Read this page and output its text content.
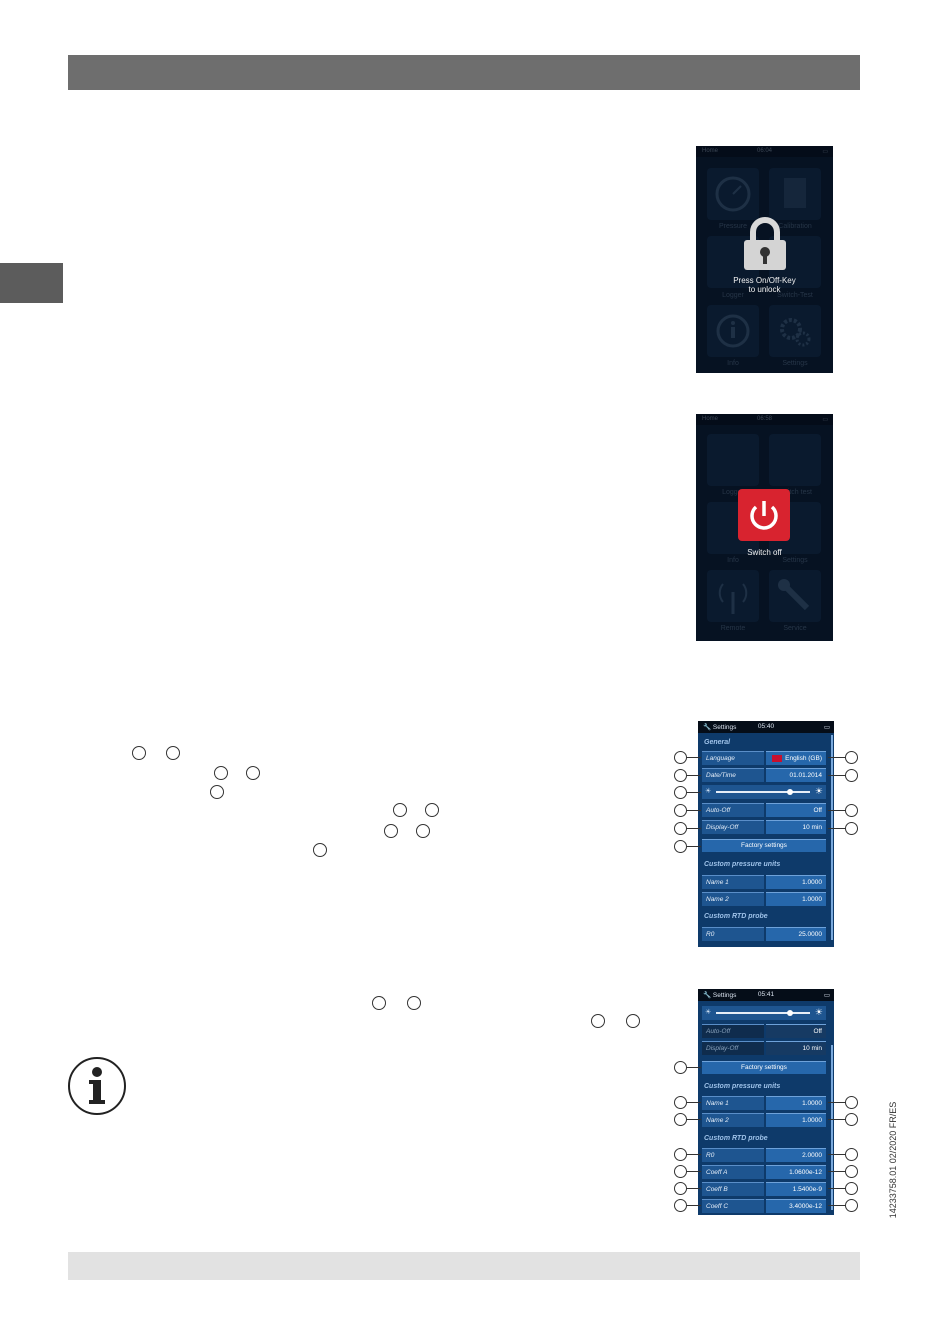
14233758.01 02/2020 FR/ES
Press On/Off-Key
to unlock
Switch off
🔧 Settings	05:40	▭
General
Language	English (GB)
Date/Time	01.01.2014
☀	☀
Auto-Off	Off
Display-Off	10 min
Factory settings
Custom pressure units
Name 1	1.0000
Name 2	1.0000
Custom RTD probe
R0	25.0000
🔧 Settings	05:41	▭
☀	☀
Auto-Off	Off
Display-Off	10 min
Factory settings
Custom pressure units
Name 1	1.0000
Name 2	1.0000
Custom RTD probe
R0	2.0000
Coeff A	1.0600e-12
Coeff B	1.5400e-9
Coeff C	3.4000e-12
